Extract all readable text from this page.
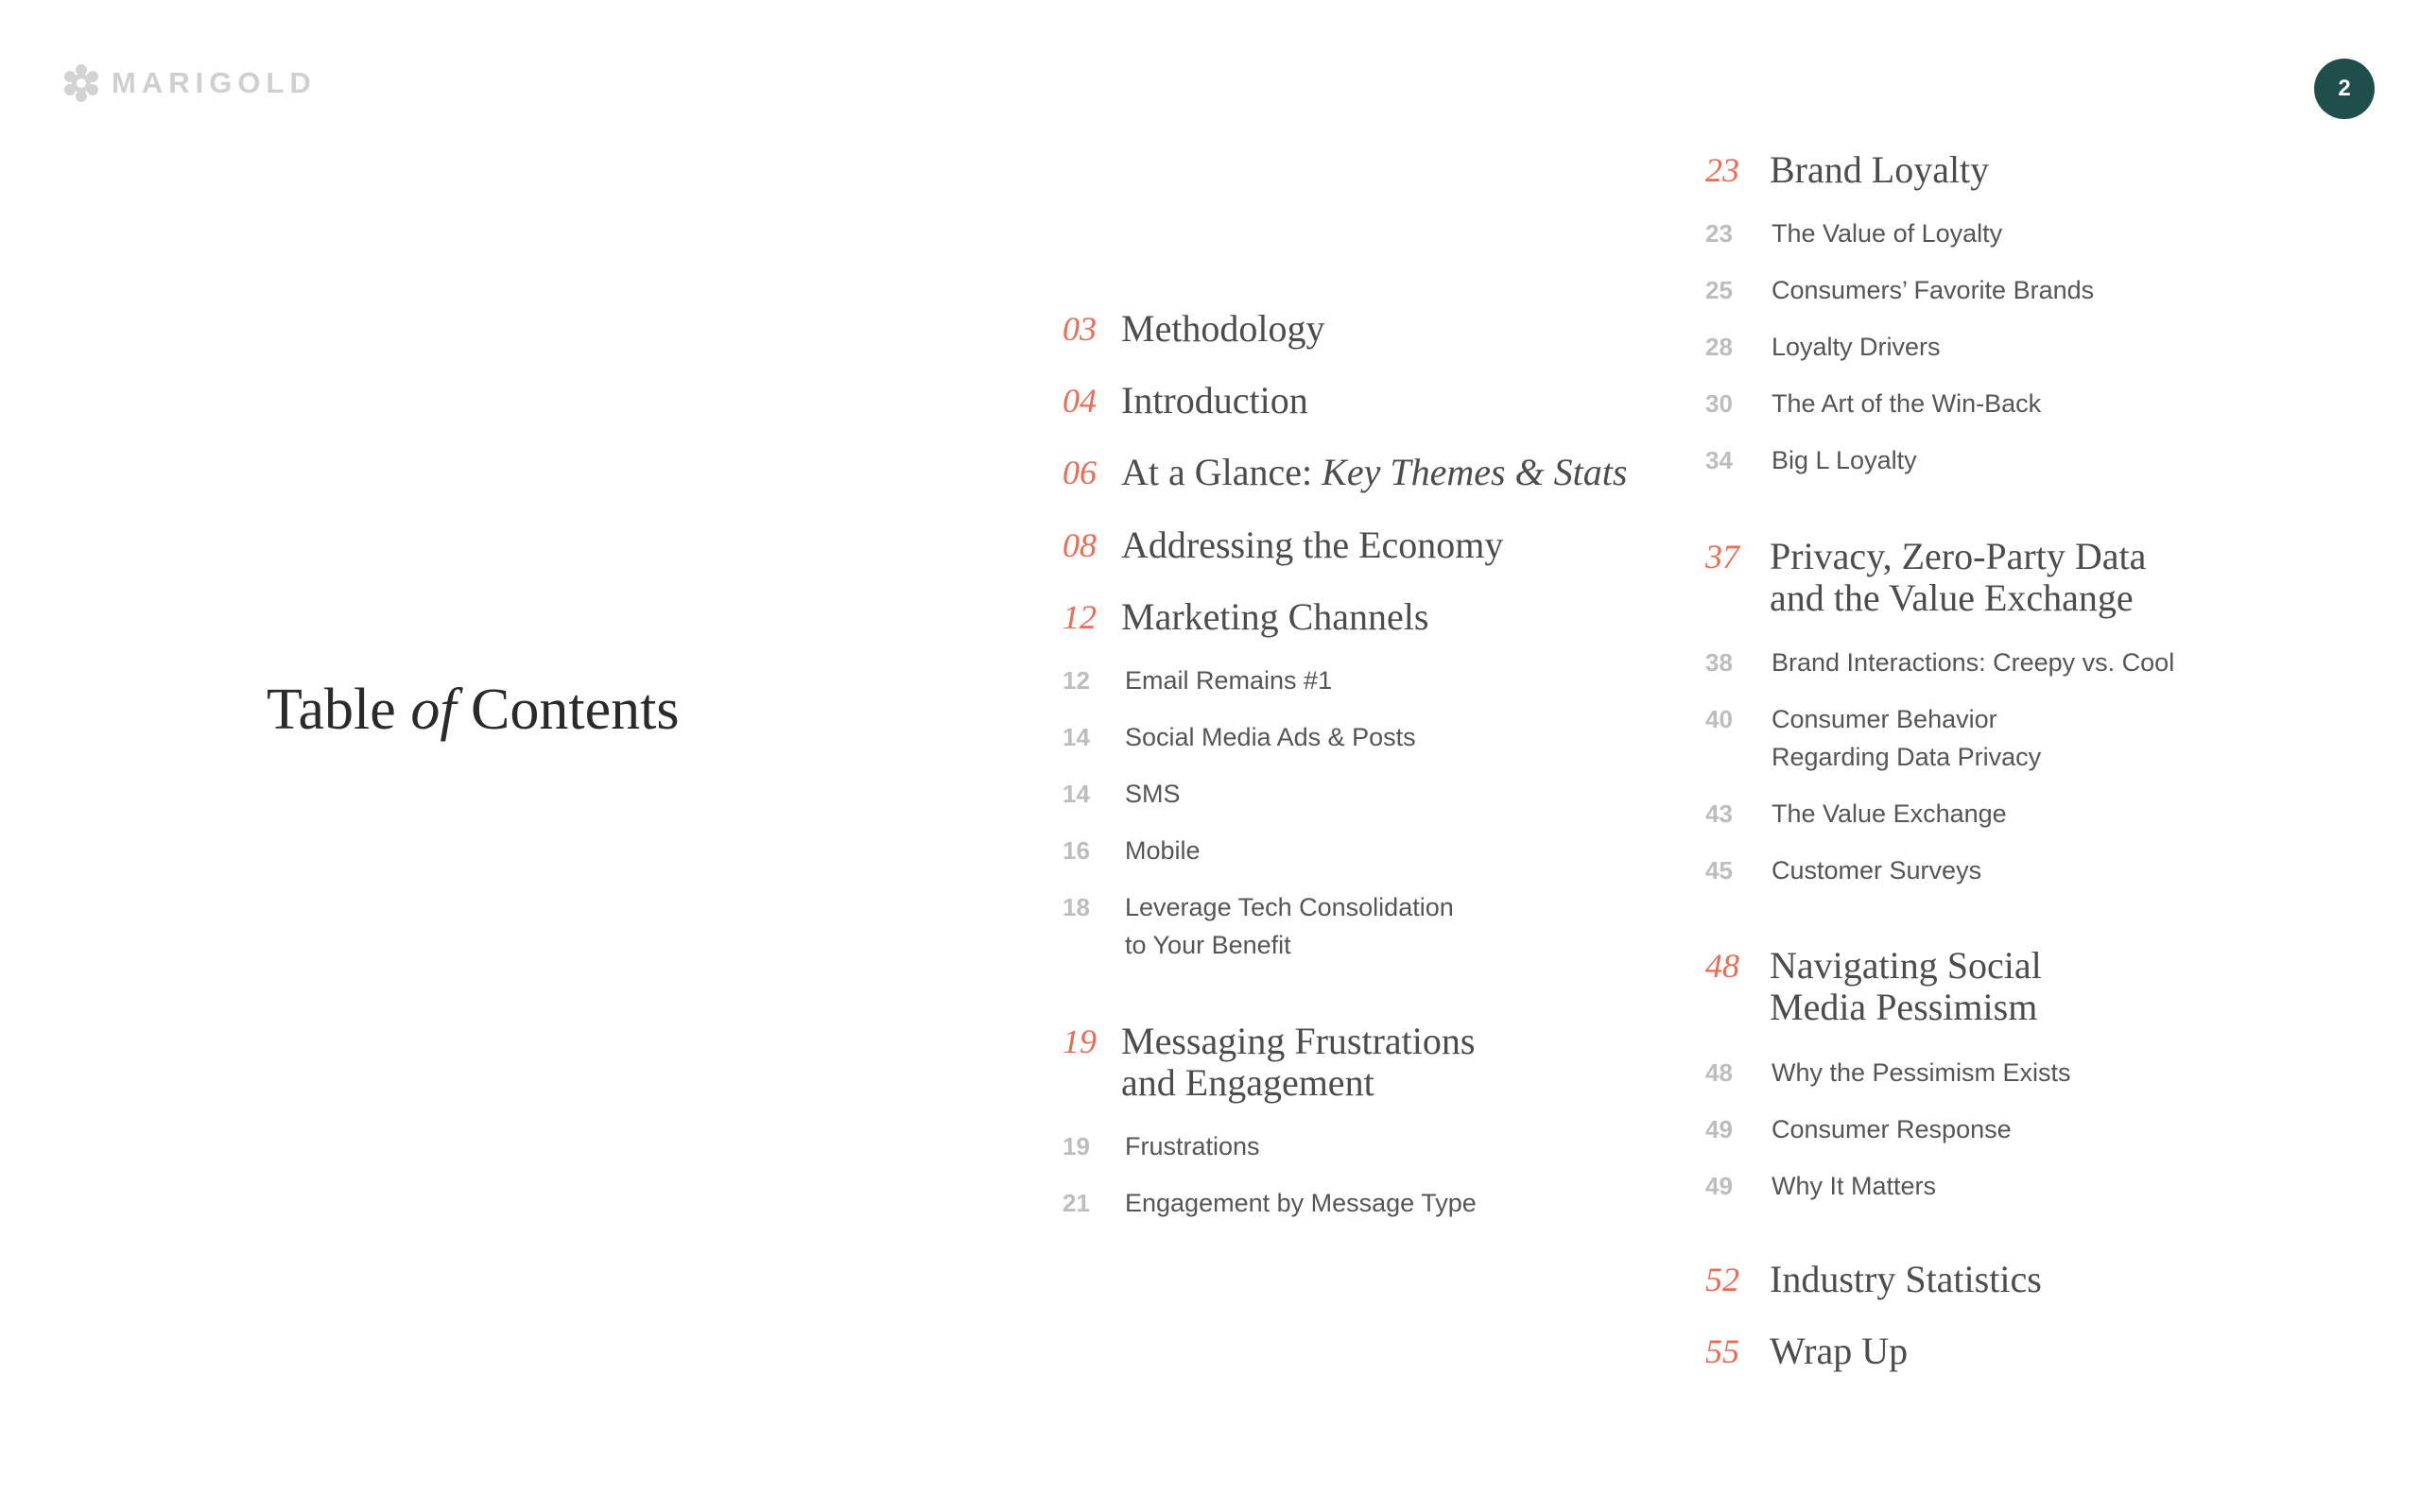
MARIGOLD	2
Table of Contents
03 Methodology
04 Introduction
06 At a Glance: Key Themes & Stats
08 Addressing the Economy
12 Marketing Channels
12 Email Remains #1
14 Social Media Ads & Posts
14 SMS
16 Mobile
18 Leverage Tech Consolidation
to Your Benefit
19 Messaging Frustrations
and Engagement
19 Frustrations
21 Engagement by Message Type
23 Brand Loyalty
23 The Value of Loyalty
25 Consumers’ Favorite Brands
28 Loyalty Drivers
30 The Art of the Win-Back
34 Big L Loyalty
37 Privacy, Zero-Party Data
and the Value Exchange
38 Brand Interactions: Creepy vs. Cool
40 Consumer Behavior
Regarding Data Privacy
43 The Value Exchange
45 Customer Surveys
48 Navigating Social
Media Pessimism
48 Why the Pessimism Exists
49 Consumer Response
49 Why It Matters
52 Industry Statistics
55 Wrap Up
